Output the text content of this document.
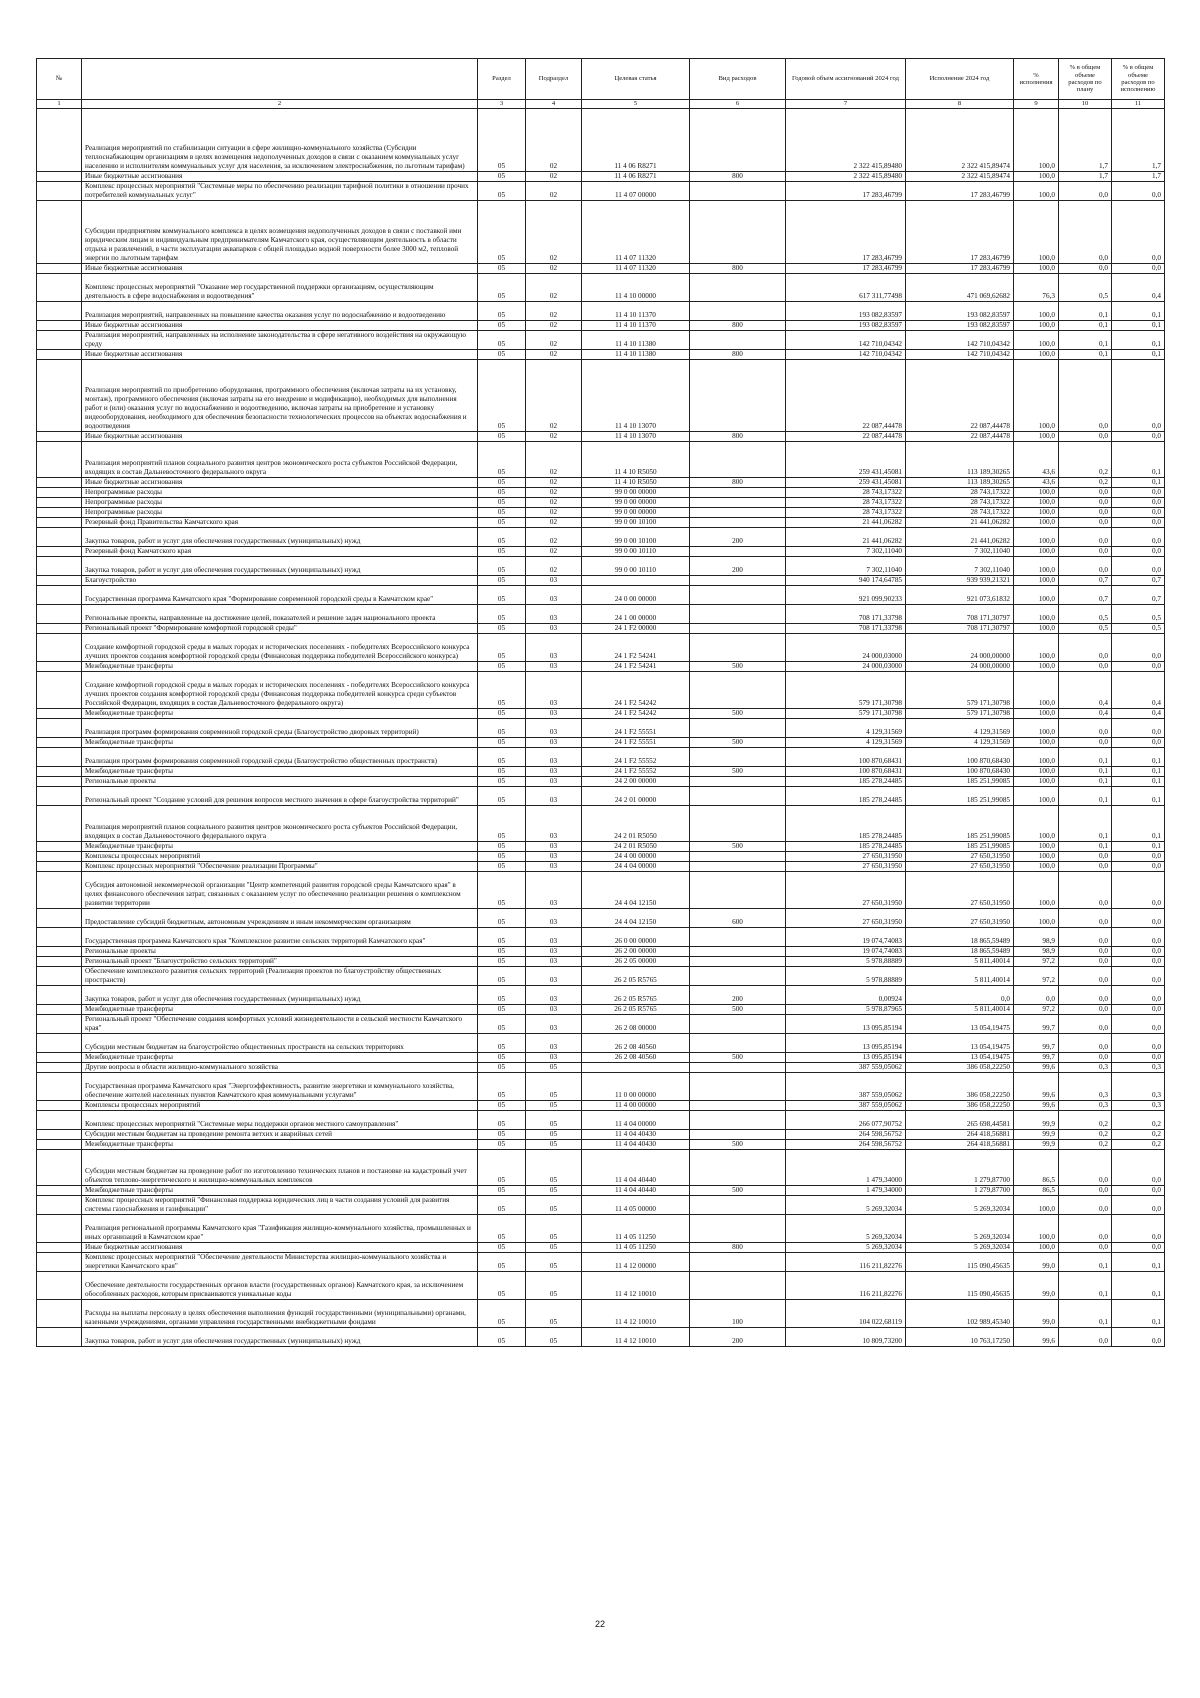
№		Раздел	Подраздел	Целевая статья	Вид расходов	Годовой объем ассигнований 2024 год	Исполнение 2024 год	% исполнения	% в общем объеме расходов по плану	% в общем объеме расходов по исполнению
1	2	3	4	5	6	7	8	9	10	11
	Реализация мероприятий по стабилизации ситуации в сфере жилищно-коммунального хозяйства (Субсидии теплоснабжающим организациям в целях возмещения недополученных доходов в связи с оказанием коммунальных услуг населению и исполнителям коммунальных услуг для населения, за исключением электроснабжения, по льготным тарифам)	05	02	11 4 06 R8271		2 322 415,89480	2 322 415,89474	100,0	1,7	1,7
	Иные бюджетные ассигнования	05	02	11 4 06 R8271	800	2 322 415,89480	2 322 415,89474	100,0	1,7	1,7
	Комплекс процессных мероприятий "Системные меры по обеспечению реализации тарифной политики в отношении прочих потребителей коммунальных услуг"	05	02	11 4 07 00000		17 283,46799	17 283,46799	100,0	0,0	0,0
	Субсидии предприятиям коммунального комплекса в целях возмещения недополученных доходов в связи с поставкой ими юридическим лицам и индивидуальным предпринимателям Камчатского края, осуществляющим деятельность в области отдыха и развлечений, в части эксплуатации аквапарков с общей площадью водной поверхности более 3000 м2, тепловой энергии по льготным тарифам	05	02	11 4 07 11320		17 283,46799	17 283,46799	100,0	0,0	0,0
	Иные бюджетные ассигнования	05	02	11 4 07 11320	800	17 283,46799	17 283,46799	100,0	0,0	0,0
	Комплекс процессных мероприятий "Оказание мер государственной поддержки организациям, осуществляющим деятельность в сфере водоснабжения и водоотведения"	05	02	11 4 10 00000		617 311,77498	471 069,62682	76,3	0,5	0,4
	Реализация мероприятий, направленных на повышение качества оказания услуг по водоснабжению и водоотведению	05	02	11 4 10 11370		193 082,83597	193 082,83597	100,0	0,1	0,1
	Иные бюджетные ассигнования	05	02	11 4 10 11370	800	193 082,83597	193 082,83597	100,0	0,1	0,1
	Реализация мероприятий, направленных на исполнение законодательства в сфере негативного воздействия на окружающую среду	05	02	11 4 10 11380		142 710,04342	142 710,04342	100,0	0,1	0,1
	Иные бюджетные ассигнования	05	02	11 4 10 11380	800	142 710,04342	142 710,04342	100,0	0,1	0,1
	Реализация мероприятий по приобретению оборудования, программного обеспечения (включая затраты на их установку, монтаж), программного обеспечения (включая затраты на его внедрение и модификацию), необходимых для выполнения работ и (или) оказания услуг по водоснабжению и водоотведению, включая затраты на приобретение и установку видеооборудования, необходимого для обеспечения безопасности технологических процессов на объектах водоснабжения и водоотведения	05	02	11 4 10 13070		22 087,44478	22 087,44478	100,0	0,0	0,0
	Иные бюджетные ассигнования	05	02	11 4 10 13070	800	22 087,44478	22 087,44478	100,0	0,0	0,0
	Реализация мероприятий планов социального развития центров экономического роста субъектов Российской Федерации, входящих в состав Дальневосточного федерального округа	05	02	11 4 10 R5050		259 431,45081	113 189,30265	43,6	0,2	0,1
	Иные бюджетные ассигнования	05	02	11 4 10 R5050	800	259 431,45081	113 189,30265	43,6	0,2	0,1
	Непрограммные расходы	05	02	99 0 00 00000		28 743,17322	28 743,17322	100,0	0,0	0,0
	Непрограммные расходы	05	02	99 0 00 00000		28 743,17322	28 743,17322	100,0	0,0	0,0
	Непрограммные расходы	05	02	99 0 00 00000		28 743,17322	28 743,17322	100,0	0,0	0,0
	Резервный фонд Правительства Камчатского края	05	02	99 0 00 10100		21 441,06282	21 441,06282	100,0	0,0	0,0
	Закупка товаров, работ и услуг для обеспечения государственных (муниципальных) нужд	05	02	99 0 00 10100	200	21 441,06282	21 441,06282	100,0	0,0	0,0
	Резервный фонд Камчатского края	05	02	99 0 00 10110		7 302,11040	7 302,11040	100,0	0,0	0,0
	Закупка товаров, работ и услуг для обеспечения государственных (муниципальных) нужд	05	02	99 0 00 10110	200	7 302,11040	7 302,11040	100,0	0,0	0,0
	Благоустройство	05	03			940 174,64785	939 939,21321	100,0	0,7	0,7
	Государственная программа Камчатского края "Формирование современной городской среды в Камчатском крае"	05	03	24 0 00 00000		921 099,90233	921 073,61832	100,0	0,7	0,7
	Региональные проекты, направленные на достижение целей, показателей и решение задач национального проекта	05	03	24 1 00 00000		708 171,33798	708 171,30797	100,0	0,5	0,5
	Региональный проект "Формирование комфортной городской среды"	05	03	24 1 F2 00000		708 171,33798	708 171,30797	100,0	0,5	0,5
	Создание комфортной городской среды в малых городах и исторических поселениях - победителях Всероссийского конкурса лучших проектов создания комфортной городской среды (Финансовая поддержка победителей Всероссийского конкурса)	05	03	24 1 F2 54241		24 000,03000	24 000,00000	100,0	0,0	0,0
	Межбюджетные трансферты	05	03	24 1 F2 54241	500	24 000,03000	24 000,00000	100,0	0,0	0,0
	Создание комфортной городской среды в малых городах и исторических поселениях - победителях Всероссийского конкурса лучших проектов создания комфортной городской среды (Финансовая поддержка победителей конкурса среди субъектов Российской Федерации, входящих в состав Дальневосточного федерального округа)	05	03	24 1 F2 54242		579 171,30798	579 171,30798	100,0	0,4	0,4
	Межбюджетные трансферты	05	03	24 1 F2 54242	500	579 171,30798	579 171,30798	100,0	0,4	0,4
	Реализация программ формирования современной городской среды (Благоустройство дворовых территорий)	05	03	24 1 F2 55551		4 129,31569	4 129,31569	100,0	0,0	0,0
	Межбюджетные трансферты	05	03	24 1 F2 55551	500	4 129,31569	4 129,31569	100,0	0,0	0,0
	Реализация программ формирования современной городской среды (Благоустройство общественных пространств)	05	03	24 1 F2 55552		100 870,68431	100 870,68430	100,0	0,1	0,1
	Межбюджетные трансферты	05	03	24 1 F2 55552	500	100 870,68431	100 870,68430	100,0	0,1	0,1
	Региональные проекты	05	03	24 2 00 00000		185 278,24485	185 251,99085	100,0	0,1	0,1
	Региональный проект "Создание условий для решения вопросов местного значения в сфере благоустройства территорий"	05	03	24 2 01 00000		185 278,24485	185 251,99085	100,0	0,1	0,1
	Реализация мероприятий планов социального развития центров экономического роста субъектов Российской Федерации, входящих в состав Дальневосточного федерального округа	05	03	24 2 01 R5050		185 278,24485	185 251,99085	100,0	0,1	0,1
	Межбюджетные трансферты	05	03	24 2 01 R5050	500	185 278,24485	185 251,99085	100,0	0,1	0,1
	Комплексы процессных мероприятий	05	03	24 4 00 00000		27 650,31950	27 650,31950	100,0	0,0	0,0
	Комплекс процессных мероприятий "Обеспечение реализации Программы"	05	03	24 4 04 00000		27 650,31950	27 650,31950	100,0	0,0	0,0
	Субсидия автономной некоммерческой организации "Центр компетенций развития городской среды Камчатского края" в целях финансового обеспечения затрат, связанных с оказанием услуг по обеспечению реализации решения о комплексном развитии территории	05	03	24 4 04 12150		27 650,31950	27 650,31950	100,0	0,0	0,0
	Предоставление субсидий бюджетным, автономным учреждениям и иным некоммерческим организациям	05	03	24 4 04 12150	600	27 650,31950	27 650,31950	100,0	0,0	0,0
	Государственная программа Камчатского края "Комплексное развитие сельских территорий Камчатского края"	05	03	26 0 00 00000		19 074,74083	18 865,59489	98,9	0,0	0,0
	Региональные проекты	05	03	26 2 00 00000		19 074,74083	18 865,59489	98,9	0,0	0,0
	Региональный проект "Благоустройство сельских территорий"	05	03	26 2 05 00000		5 978,88889	5 811,40014	97,2	0,0	0,0
	Обеспечение комплексного развития сельских территорий (Реализация проектов по благоустройству общественных пространств)	05	03	26 2 05 R5765		5 978,88889	5 811,40014	97,2	0,0	0,0
	Закупка товаров, работ и услуг для обеспечения государственных (муниципальных) нужд	05	03	26 2 05 R5765	200	0,00924	0,0	0,0	0,0	0,0
	Межбюджетные трансферты	05	03	26 2 05 R5765	500	5 978,87965	5 811,40014	97,2	0,0	0,0
	Региональный проект "Обеспечение создания комфортных условий жизнедеятельности в сельской местности Камчатского края"	05	03	26 2 08 00000		13 095,85194	13 054,19475	99,7	0,0	0,0
	Субсидии местным бюджетам на благоустройство общественных пространств на сельских территориях	05	03	26 2 08 40560		13 095,85194	13 054,19475	99,7	0,0	0,0
	Межбюджетные трансферты	05	03	26 2 08 40560	500	13 095,85194	13 054,19475	99,7	0,0	0,0
	Другие вопросы в области жилищно-коммунального хозяйства	05	05			387 559,05062	386 058,22250	99,6	0,3	0,3
	Государственная программа Камчатского края "Энергоэффективность, развитие энергетики и коммунального хозяйства, обеспечение жителей населенных пунктов Камчатского края коммунальными услугами"	05	05	11 0 00 00000		387 559,05062	386 058,22250	99,6	0,3	0,3
	Комплексы процессных мероприятий	05	05	11 4 00 00000		387 559,05062	386 058,22250	99,6	0,3	0,3
	Комплекс процессных мероприятий "Системные меры поддержки органов местного самоуправления"	05	05	11 4 04 00000		266 077,90752	265 698,44581	99,9	0,2	0,2
	Субсидии местным бюджетам на проведение ремонта ветхих и аварийных сетей	05	05	11 4 04 40430		264 598,56752	264 418,56881	99,9	0,2	0,2
	Межбюджетные трансферты	05	05	11 4 04 40430	500	264 598,56752	264 418,56881	99,9	0,2	0,2
	Субсидии местным бюджетам на проведение работ по изготовлению технических планов и постановке на кадастровый учет объектов теплово-энергетического и жилищно-коммунальных комплексов	05	05	11 4 04 40440		1 479,34000	1 279,87700	86,5	0,0	0,0
	Межбюджетные трансферты	05	05	11 4 04 40440	500	1 479,34000	1 279,87700	86,5	0,0	0,0
	Комплекс процессных мероприятий "Финансовая поддержка юридических лиц в части создания условий для развития системы газоснабжения и газификации"	05	05	11 4 05 00000		5 269,32034	5 269,32034	100,0	0,0	0,0
	Реализация региональной программы Камчатского края "Газификация жилищно-коммунального хозяйства, промышленных и иных организаций в Камчатском крае"	05	05	11 4 05 11250		5 269,32034	5 269,32034	100,0	0,0	0,0
	Иные бюджетные ассигнования	05	05	11 4 05 11250	800	5 269,32034	5 269,32034	100,0	0,0	0,0
	Комплекс процессных мероприятий "Обеспечение деятельности Министерства жилищно-коммунального хозяйства и энергетики Камчатского края"	05	05	11 4 12 00000		116 211,82276	115 090,45635	99,0	0,1	0,1
	Обеспечение деятельности государственных органов власти (государственных органов) Камчатского края, за исключением обособленных расходов, которым присваиваются уникальные коды	05	05	11 4 12 10010		116 211,82276	115 090,45635	99,0	0,1	0,1
	Расходы на выплаты персоналу в целях обеспечения выполнения функций государственными (муниципальными) органами, казенными учреждениями, органами управления государственными внебюджетными фондами	05	05	11 4 12 10010	100	104 022,68119	102 989,45340	99,0	0,1	0,1
	Закупка товаров, работ и услуг для обеспечения государственных (муниципальных) нужд	05	05	11 4 12 10010	200	10 809,73200	10 763,17250	99,6	0,0	0,0
22
